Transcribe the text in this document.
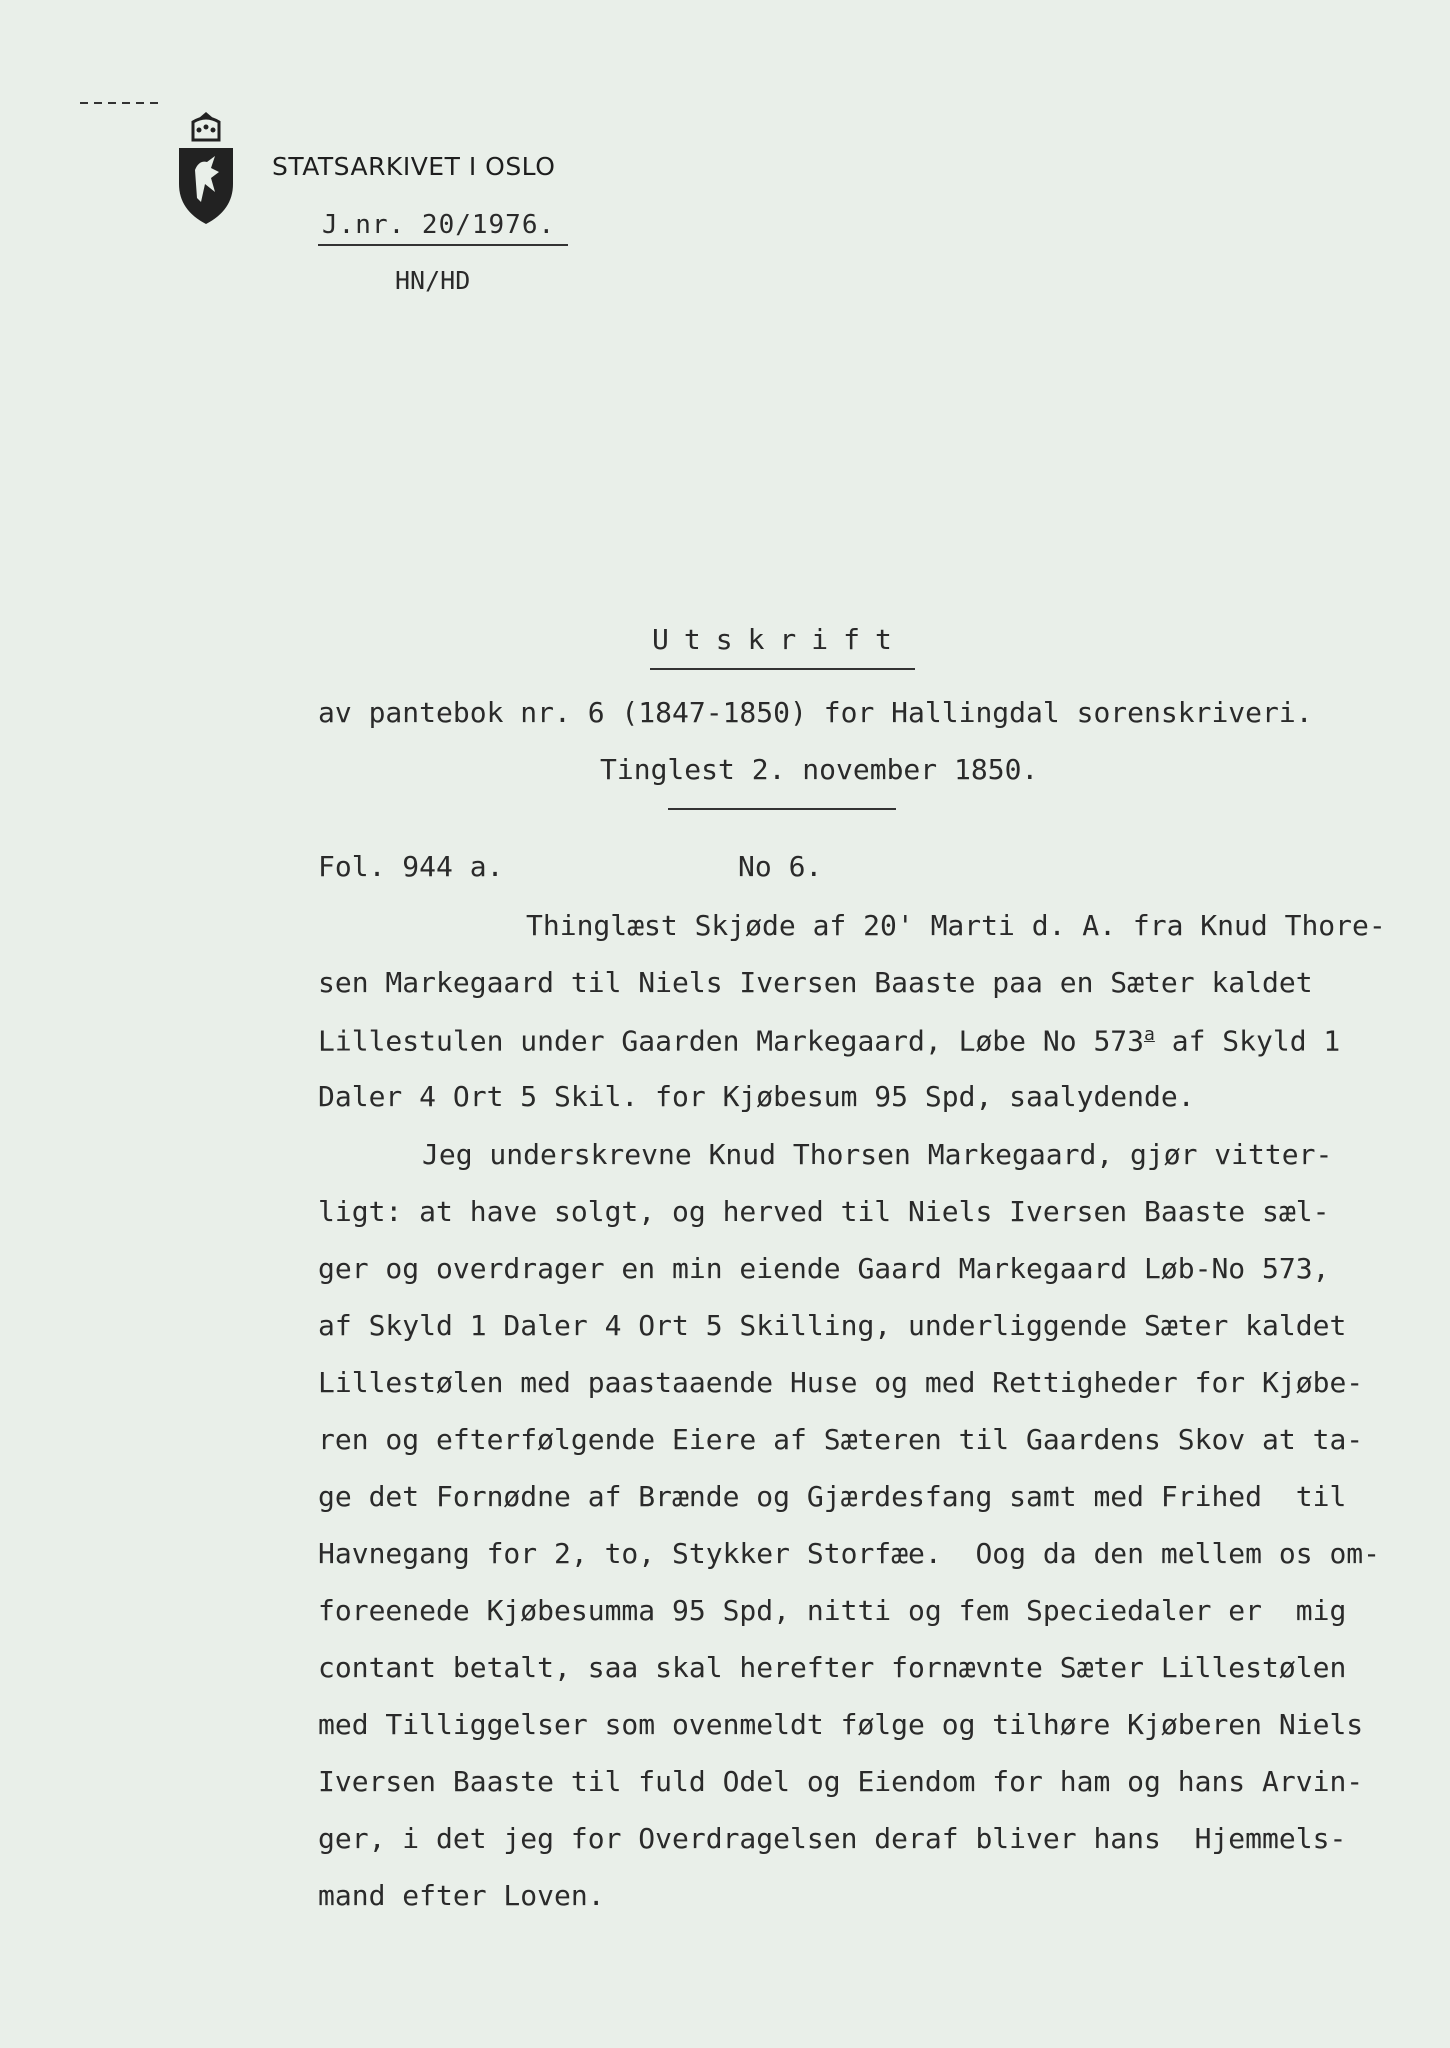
STATSARKIVET I OSLO
J.nr. 20/1976.
HN/HD
Utskrift
av pantebok nr. 6 (1847-1850) for Hallingdal sorenskriveri.
Tinglest 2. november 1850.
Fol. 944 a.	No 6.
Thinglæst Skjøde af 20' Marti d. A. fra Knud Thore-
sen Markegaard til Niels Iversen Baaste paa en Sæter kaldet
Lillestulen under Gaarden Markegaard, Løbe No 573$^a$ af Skyld 1
Daler 4 Ort 5 Skil. for Kjøbesum 95 Spd, saalydende.
Jeg underskrevne Knud Thorsen Markegaard, gjør vitter-
ligt: at have solgt, og herved til Niels Iversen Baaste sæl-
ger og overdrager en min eiende Gaard Markegaard Løb-No 573,
af Skyld 1 Daler 4 Ort 5 Skilling, underliggende Sæter kaldet
Lillestølen med paastaaende Huse og med Rettigheder for Kjøbe-
ren og efterfølgende Eiere af Sæteren til Gaardens Skov at ta-
ge det Fornødne af Brænde og Gjærdesfang samt med Frihed  til
Havnegang for 2, to, Stykker Storfæe.  Oog da den mellem os om-
foreenede Kjøbesumma 95 Spd, nitti og fem Speciedaler er  mig
contant betalt, saa skal herefter fornævnte Sæter Lillestølen
med Tilliggelser som ovenmeldt følge og tilhøre Kjøberen Niels
Iversen Baaste til fuld Odel og Eiendom for ham og hans Arvin-
ger, i det jeg for Overdragelsen deraf bliver hans  Hjemmels-
mand efter Loven.
